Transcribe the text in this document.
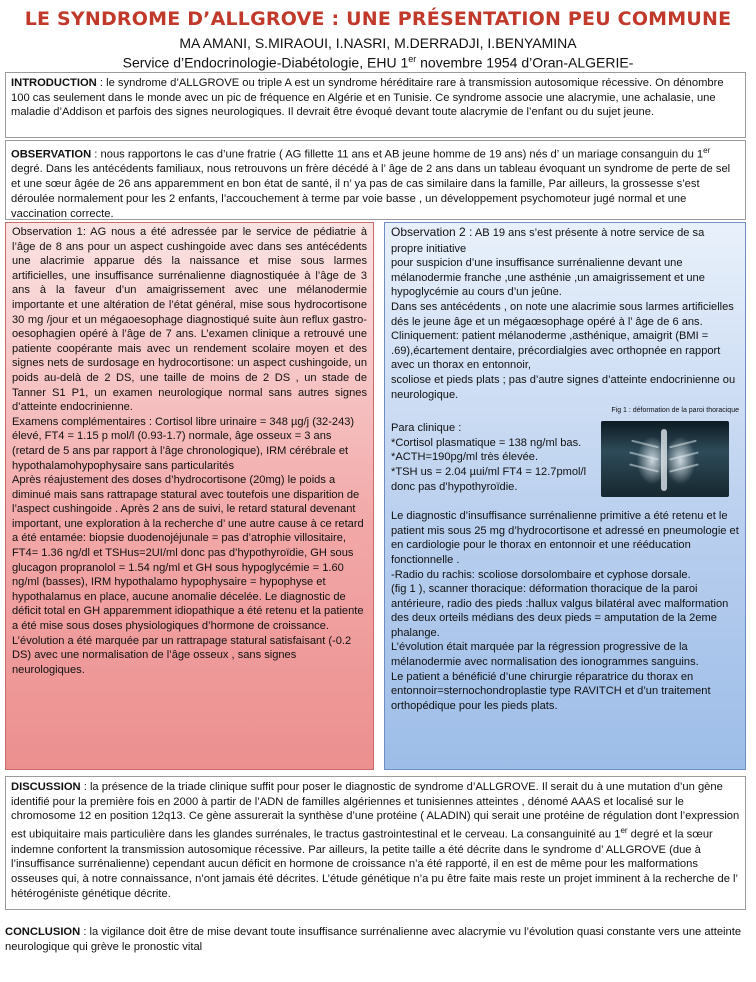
LE SYNDROME D’ALLGROVE : UNE PRÉSENTATION PEU COMMUNE
MA AMANI, S.MIRAOUI, I.NASRI, M.DERRADJI, I.BENYAMINA
Service d’Endocrinologie-Diabétologie, EHU 1er novembre 1954 d’Oran-ALGERIE-
INTRODUCTION : le syndrome d’ALLGROVE ou triple A est un syndrome héréditaire rare à transmission autosomique récessive. On dénombre 100 cas seulement dans le monde avec un pic de fréquence en Algérie et en Tunisie. Ce syndrome associe une alacrymie, une achalasie, une maladie d’Addison et parfois des signes neurologiques. Il devrait être évoqué devant toute alacrymie de l’enfant ou du sujet jeune.
OBSERVATION : nous rapportons le cas d’une fratrie ( AG fillette 11 ans et AB jeune homme de 19 ans) nés d’ un mariage consanguin du 1er degré. Dans les antécédents familiaux, nous retrouvons un frère décédé à l’ âge de 2 ans dans un tableau évoquant un syndrome de perte de sel et une sœur âgée de 26 ans apparemment en bon état de santé, il n’ ya pas de cas similaire dans la famille, Par ailleurs, la grossesse s’est déroulée normalement pour les 2 enfants, l’accouchement à terme par voie basse , un développement psychomoteur jugé normal et une vaccination correcte.

Observation 1: AG nous a été adressée par le service de pédiatrie à l’âge de 8 ans pour un aspect cushingoide avec dans ses antécédents une alacrimie apparue dés la naissance et mise sous larmes artificielles, une insuffisance surrénalienne diagnostiquée à l’âge de 3 ans à la faveur d’un amaigrissement avec une mélanodermie importante et une altération de l’état général, mise sous hydrocortisone 30 mg /jour et un mégaoesophage diagnostiqué suite àun reflux gastro-oesophagien opéré à l’âge de 7 ans. L’examen clinique a retrouvé une patiente coopérante mais avec un rendement scolaire moyen et des signes nets de surdosage en hydrocortisone: un aspect cushingoide, un poids au-delà de 2 DS, une taille de moins de 2 DS , un stade de Tanner S1 P1, un examen neurologique normal sans autres signes d’atteinte endocrinienne.

Examens complémentaires : Cortisol libre urinaire = 348 µg/j (32-243) élevé, FT4 = 1.15 p mol/l (0.93-1.7) normale, âge osseux = 3 ans (retard de 5 ans par rapport à l’âge chronologique), IRM cérébrale et hypothalamohypophysaire sans particularités

Après réajustement des doses d’hydrocortisone (20mg) le poids a diminué mais sans rattrapage statural avec toutefois une disparition de l’aspect cushingoide . Après 2 ans de suivi, le retard statural devenant important, une exploration à la recherche d’ une autre cause à ce retard a été entamée: biopsie duodenojéjunale = pas d’atrophie villositaire,

FT4= 1.36 ng/dl et TSHus=2UI/ml donc pas d’hypothyroïdie, GH sous glucagon propranolol = 1.54 ng/ml et GH sous hypoglycémie = 1.60 ng/ml (basses), IRM hypothalamo hypophysaire = hypophyse et hypothalamus en place, aucune anomalie décelée. Le diagnostic de déficit total en GH apparemment idiopathique a été retenu et la patiente a été mise sous doses physiologiques d’hormone de croissance. L’évolution a été marquée par un rattrapage statural satisfaisant (-0.2 DS) avec une normalisation de l’âge osseux , sans signes neurologiques.

Observation 2 : AB 19 ans s’est présente à notre service de sa propre initiative

pour suspicion d’une insuffisance surrénalienne devant une mélanodermie franche ,une asthénie ,un amaigrissement et une hypoglycémie au cours d’un jeûne.

Dans ses antécédents , on note une alacrimie sous larmes artificielles dés le jeune âge et un mégaœsophage opéré à l’ âge de 6 ans.

Cliniquement: patient mélanoderme ,asthénique, amaigrit (BMI = .69),écartement dentaire, précordialgies avec orthopnée en rapport avec un thorax en entonnoir,

scoliose et pieds plats ; pas d’autre signes d’atteinte endocrinienne ou neurologique.

Fig 1 : déformation de la paroi thoracique

Para clinique :

*Cortisol plasmatique = 138 ng/ml bas.

*ACTH=190pg/ml très élevée.

*TSH us = 2.04 µui/ml FT4 = 12.7pmol/l

donc pas d’hypothyroïdie.

Le diagnostic d’insuffisance surrénalienne primitive a été retenu et le patient mis sous 25 mg d’hydrocortisone et adressé en pneumologie et en cardiologie pour le thorax en entonnoir et une rééducation fonctionnelle .

-Radio du rachis: scoliose dorsolombaire et cyphose dorsale.

(fig 1 ), scanner thoracique: déformation thoracique de la paroi antérieure, radio des pieds :hallux valgus bilatéral avec malformation des deux orteils médians des deux pieds = amputation de la 2eme phalange.

L’évolution était marquée par la régression progressive de la mélanodermie avec normalisation des ionogrammes sanguins.

Le patient a bénéficié d’une chirurgie réparatrice du thorax en entonnoir=sternochondroplastie type RAVITCH et d’un traitement orthopédique pour les pieds plats.

DISCUSSION : la présence de la triade clinique suffit pour poser le diagnostic de syndrome d’ALLGROVE. Il serait du à une mutation d’un gène identifié pour la première fois en 2000 à partir de l’ADN de familles algériennes et tunisiennes atteintes , dénomé AAAS et localisé sur le chromosome 12 en position 12q13. Ce gène assurerait la synthèse d’une protéine ( ALADIN) qui serait une protéine de régulation dont l’expression est ubiquitaire mais particulière dans les glandes surrénales, le tractus gastrointestinal et le cerveau. La consanguinité au 1er degré et la sœur indemne confortent la transmission autosomique récessive. Par ailleurs, la petite taille a été décrite dans le syndrome d’ ALLGROVE (due à l’insuffisance surrénalienne) cependant aucun déficit en hormone de croissance n’a été rapporté, il en est de même pour les malformations osseuses qui, à notre connaissance, n’ont jamais été décrites. L’étude génétique n’a pu être faite mais reste un projet imminent à la recherche de l’ hétérogéniste génétique décrite.
CONCLUSION : la vigilance doit être de mise devant toute insuffisance surrénalienne avec alacrymie vu l’évolution quasi constante vers une atteinte neurologique qui grève le pronostic vital
